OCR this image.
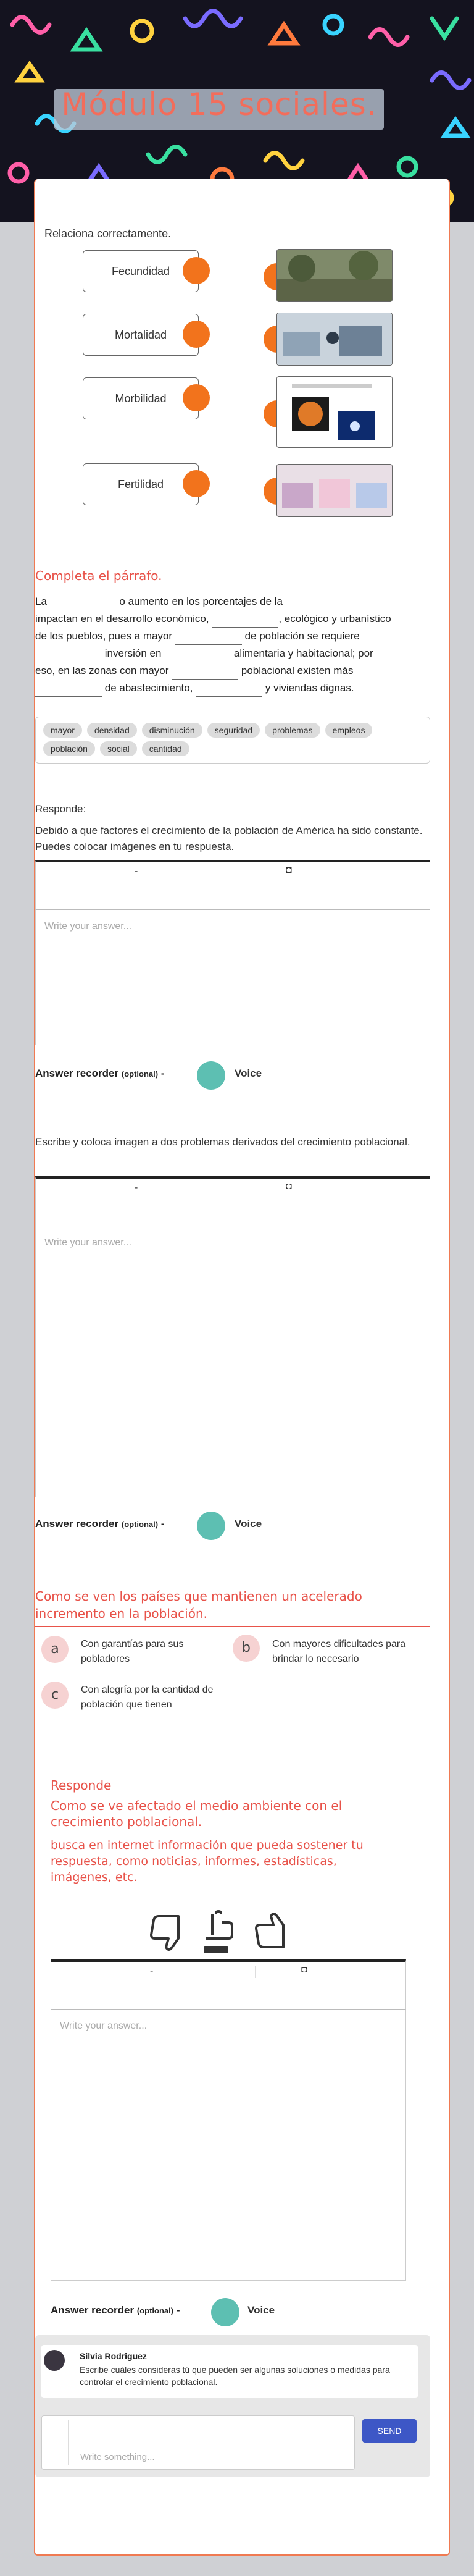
Módulo 15 sociales.
Relaciona correctamente.
Fecundidad
Mortalidad
Morbilidad
Fertilidad
Completa el párrafo.
La	o aumento en los porcentajes de la
impactan en el desarrollo económico,	, ecológico y urbanístico
de los pueblos, pues a mayor	de población se requiere
inversión en	alimentaria y habitacional; por
eso, en las zonas con mayor	poblacional existen más
de abastecimiento,	y viviendas dignas.
mayor densidad disminución seguridad problemas empleospoblación social cantidad
Responde:
Debido a que factores el crecimiento de la población de América ha sido constante. Puedes colocar imágenes en tu respuesta.
-	◘
Write your answer...
Answer recorder (optional) -	Voice
Escribe y coloca imagen a dos problemas derivados del crecimiento poblacional.
-	◘
Write your answer...
Answer recorder (optional) -	Voice
Como se ven los países que mantienen un acelerado incremento en la población.
a	Con garantías para sus pobladores
b	Con mayores dificultades para brindar lo necesario
c	Con alegría por la cantidad de población que tienen
Responde
Como se ve afectado el medio ambiente con el crecimiento poblacional.
busca en internet información que pueda sostener tu respuesta, como noticias, informes, estadísticas, imágenes, etc.
-	◘
Write your answer...
Answer recorder (optional) -	Voice
Silvia Rodriguez
Escribe cuáles consideras tú que pueden ser algunas soluciones o medidas para controlar el crecimiento poblacional.
Write something...
SEND
